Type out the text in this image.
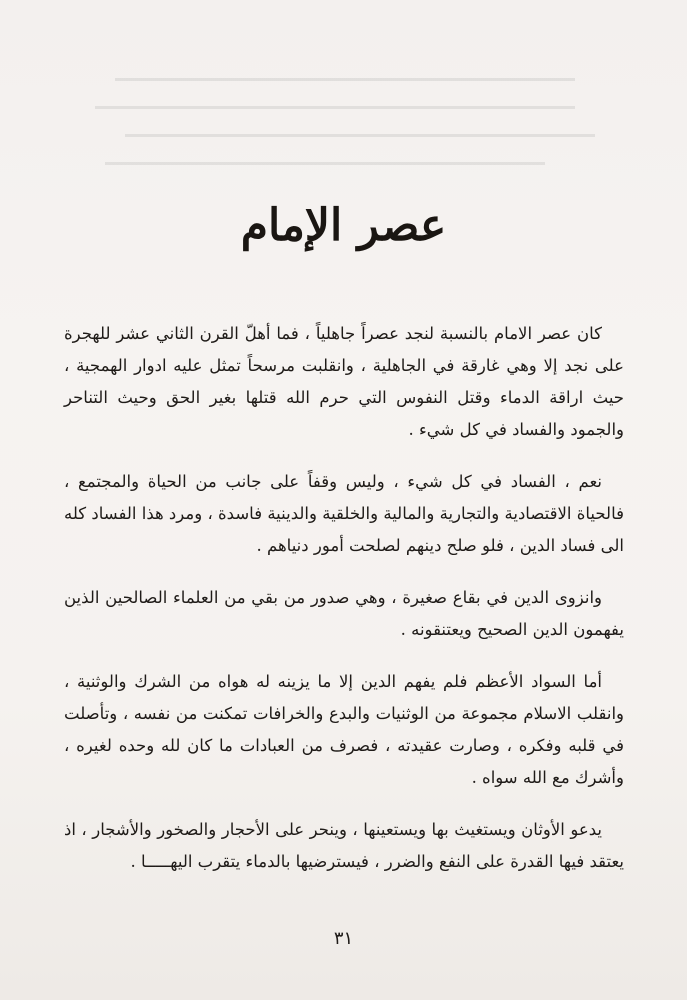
عصر الإمام

كان عصر الامام بالنسبة لنجد عصراً جاهلياً ، فما أهلّ القرن الثاني عشر للهجرة على نجد إلا وهي غارقة في الجاهلية ، وانقلبت مرسحاً تمثل عليه ادوار الهمجية ، حيث اراقة الدماء وقتل النفوس التي حرم الله قتلها بغير الحق وحيث التناحر والجمود والفساد في كل شيء .

نعم ، الفساد في كل شيء ، وليس وقفاً على جانب من الحياة والمجتمع ، فالحياة الاقتصادية والتجارية والمالية والخلقية والدينية فاسدة ، ومرد هذا الفساد كله الى فساد الدين ، فلو صلح دينهم لصلحت أمور دنياهم .

وانزوى الدين في بقاع صغيرة ، وهي صدور من بقي من العلماء الصالحين الذين يفهمون الدين الصحيح ويعتنقونه .

أما السواد الأعظم فلم يفهم الدين إلا ما يزينه له هواه من الشرك والوثنية ، وانقلب الاسلام مجموعة من الوثنيات والبدع والخرافات تمكنت من نفسه ، وتأصلت في قلبه وفكره ، وصارت عقيدته ، فصرف من العبادات ما كان لله وحده لغيره ، وأشرك مع الله سواه .

يدعو الأوثان ويستغيث بها ويستعينها ، وينحر على الأحجار والصخور والأشجار ، اذ يعتقد فيها القدرة على النفع والضرر ، فيسترضيها بالدماء يتقرب اليهـــــا .

٣١
